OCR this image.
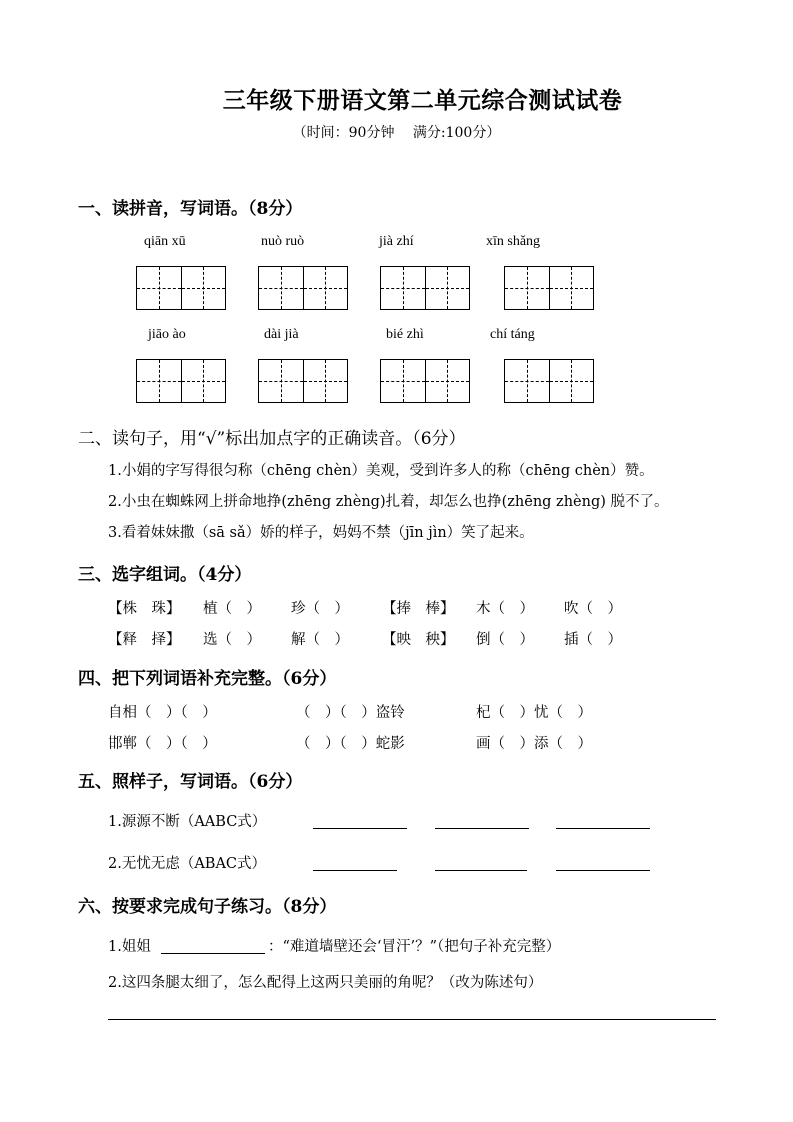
三年级下册语文第二单元综合测试试卷
（时间：90分钟　 满分:100分）
一、读拼音，写词语。（8分）
qiān xū	nuò ruò	jià zhí	xīn shǎng
jiāo ào	dài jià	bié zhì	chí táng
二、读句子，用“√”标出加点字的正确读音。（6分）
1.小娟的字写得很匀称（chēng chèn）美观，受到许多人的称（chēng chèn）赞。
2.小虫在蜘蛛网上拼命地挣(zhēng zhèng)扎着，却怎么也挣(zhēng zhèng) 脱不了。
3.看着妹妹撒（sā sǎ）娇的样子，妈妈不禁（jīn jìn）笑了起来。
三、选字组词。（4分）
【株　珠】 植（　） 珍（　） 【捧　棒】 木（　） 吹（　）
【释　择】 选（　） 解（　） 【映　秧】 倒（　） 插（　）
四、把下列词语补充完整。（6分）
自相（　）（　）	（　）（　）盗铃	杞（　）忧（　）
邯郸（　）（　）	（　）（　）蛇影	画（　）添（　）
五、照样子，写词语。（6分）
1.源源不断（AABC式）
2.无忧无虑（ABAC式）
六、按要求完成句子练习。（8分）
1.姐姐	：“难道墙壁还会‘冒汗’？”（把句子补充完整）
2.这四条腿太细了，怎么配得上这两只美丽的角呢？（改为陈述句）
